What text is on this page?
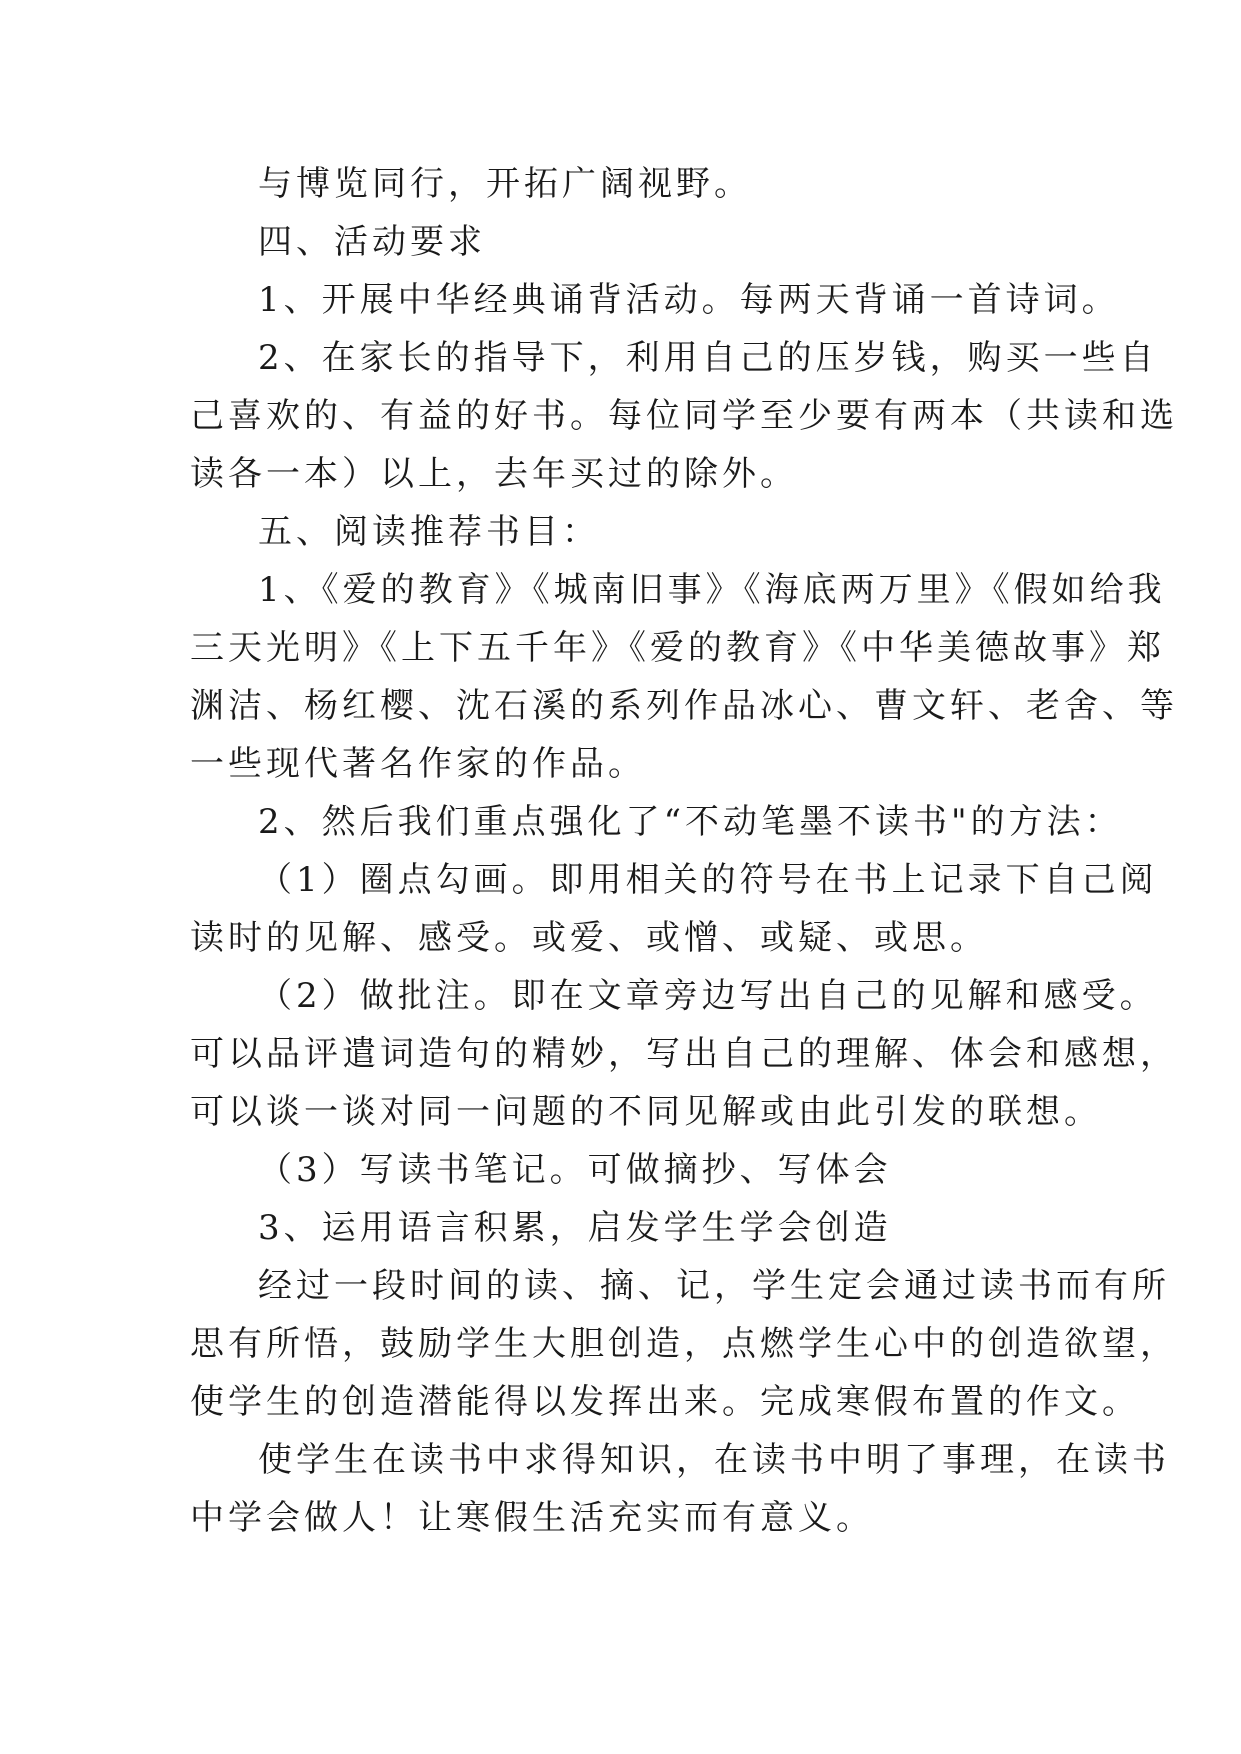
与博览同行，开拓广阔视野。
四、活动要求
1、开展中华经典诵背活动。每两天背诵一首诗词。
2、在家长的指导下，利用自己的压岁钱，购买一些自
己喜欢的、有益的好书。每位同学至少要有两本（共读和选
读各一本）以上，去年买过的除外。
五、阅读推荐书目：
1、《爱的教育》《城南旧事》《海底两万里》《假如给我
三天光明》《上下五千年》《爱的教育》《中华美德故事》郑
渊洁、杨红樱、沈石溪的系列作品冰心、曹文轩、老舍、等
一些现代著名作家的作品。
2、然后我们重点强化了“不动笔墨不读书"的方法：
（1）圈点勾画。即用相关的符号在书上记录下自己阅
读时的见解、感受。或爱、或憎、或疑、或思。
（2）做批注。即在文章旁边写出自己的见解和感受。
可以品评遣词造句的精妙，写出自己的理解、体会和感想，
可以谈一谈对同一问题的不同见解或由此引发的联想。
（3）写读书笔记。可做摘抄、写体会
3、运用语言积累，启发学生学会创造
经过一段时间的读、摘、记，学生定会通过读书而有所
思有所悟，鼓励学生大胆创造，点燃学生心中的创造欲望，
使学生的创造潜能得以发挥出来。完成寒假布置的作文。
使学生在读书中求得知识，在读书中明了事理，在读书
中学会做人！让寒假生活充实而有意义。
